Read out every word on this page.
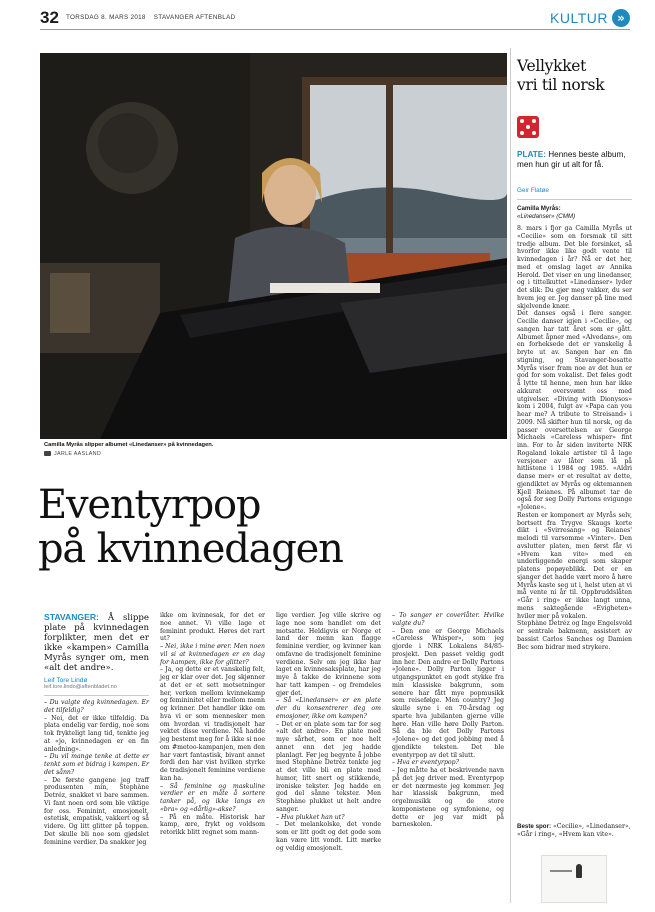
32 TORSDAG 8. MARS 2018 STAVANGER AFTENBLAD	KULTUR »
Camilla Myrås slipper albumet «Linedanser» på kvinnedagen.
JARLE AASLAND
Eventyrpop
på kvinnedagen
STAVANGER: Å slippe plate på kvinnedagen forplikter, men det er ikke «kampen» Camilla Myrås synger om, men «alt det andre».
Leif Tore Lindø
leif.tore.lindo@aftenbladet.no

– Du valgte deg kvinnedagen. Er det tilfeldig?

– Nei, det er ikke tilfeldig. Da plata endelig var ferdig, noe som tok frykteligt lang tid, tenkte jeg at «jo, kvinnedagen er en fin anledning».

– Du vil mange tenke at dette er tenkt som et bidrag i kampen. Er det sånn?

– De første gangene jeg traff produsenten min, Stephàne Detréz, snakket vi bare sammen. Vi fant noen ord som ble viktige for oss. Feminint, emosjonelt, estetisk, empatisk, vakkert og så videre. Og litt glitter på toppen. Det skulle bli noe som gjødslet feminine verdier. Da snakker jeg

ikke om kvinnesak, for det er noe annet. Vi ville lage et feminint produkt. Høres det rart ut?

– Nei, ikke i mine ører. Men noen vil si at kvinnedagen er en dag for kampen, ikke for glitter?

– Ja, og dette er et vanskelig felt, jeg er klar over det. Jeg skjønner at det er et sett motsetninger her, verken mellom kvinnekamp og femininitet eller mellom menn og kvinner. Det handler ikke om hva vi er som mennesker men om hvordan vi tradisjonelt har vektet disse verdiene. Nå hadde jeg bestemt meg for å ikke si noe om #metoo-kampanjen, men den har vært fantastisk, bivant annet fordi den har vist hvilken styrke de tradisjonelt feminine verdiene kan ha.

– Så feminine og maskuline verdier er en måte å sortere tanker på, og ikke langs en «bra» og «dårlig»-akse?

– På en måte. Historisk har kamp, ære, frykt og voldsom retorikk blitt regnet som mann-

lige verdier. Jeg ville skrive og lage noe som handlet om det motsatte. Heldigvis er Norge et land der menn kan flagge feminine verdier, og kvinner kan omfavne de tradisjonelt feminine verdiene. Selv om jeg ikke har laget en kvinnesaksplate, har jeg mye å takke de kvinnene som har tatt kampen – og fremdeles gjør det.

– Så «Linedanser» er en plate der du konsentrerer deg om emosjoner, ikke om kampen?

– Det er en plate som tar for seg «alt det andre». En plate med mye sårhet, som er noe helt annet enn det jeg hadde planlagt. Før jeg begynte å jobbe med Stephàne Detréz tenkte jeg at det ville bli en plate med humor, litt snert og stikkende, ironiske tekster. Jeg hadde en god del sånne tekster. Men Stephàne plukket ut helt andre sanger.

– Hva plukket han ut?

– Det melankolske, det vonde som er litt godt og det gode som kan være litt vondt. Litt mørke og veldig emosjonelt.

– To sanger er coverlåter. Hvilke valgte du?

– Den ene er George Michaels «Careless Whisper», som jeg gjorde i NRK Lokalens 84/85-prosjekt. Den passet veldig godt inn her. Den andre er Dolly Partons «Jolene». Dolly Parton ligger i utgangspunktet en godt stykke fra min klassiske bakgrunn, som senere har fått mye popmusikk som reisefølge. Men country? Jeg skulle syne i en 70-årsdag og sparte hva jubilanten gjerne ville høre. Han ville høre Dolly Parton. Så da ble det Dolly Partons «Jolene» og det god jobbing med å gjendikte teksten. Det ble eventyrpop av det til slutt.

– Hva er eventyrpop?

– Jeg måtte ha et beskrivende navn på det jeg driver med. Eventyrpop er det nærmeste jeg kommer. Jeg har klassisk bakgrunn, med orgelmusikk og de store komponistene og symfoniene, og dette er jeg var midt på barneskolen.

Vellykket
vri til norsk
PLATE: Hennes beste album, men hun gir ut alt for få.
Geir Flatøe
Camilla Myrås:
«Linedanser» (CMM)

8. mars i fjor ga Camilla Myrås ut «Cecilie» som en forsmak til sitt tredje album. Det ble forsinket, så hvorfor ikke like godt vente til kvinnedagen i år? Nå er det her, med et omslag laget av Annika Herold. Det viser en ung linedanser, og i tittelkuttet «Linedanser» lyder det slik: Du gjør meg vakker, du ser hvem jeg er. Jeg danser på line med skjelvende knær.

Det danses også i flere sanger. Cecilie danser igjen i «Cecilie», og sangen har tatt året som er gått. Albumet åpner med «Alvedans», om en forheksede det er vanskelig å bryte ut av. Sangen har en fin stigning, og Stavanger-bosatte Myrås viser fram noe av det hun er god for som vokalist. Det føles godt å lytte til henne, men hun har ikke akkurat oversvømt oss med utgivelser. «Diving with Dionysos» kom i 2004, fulgt av «Papa can you hear me? A tribute to Streisand» i 2009. Nå skifter hun til norsk, og da passer oversettelsen av George Michaels «Careless whisper» fint inn. For to år siden inviterte NRK Rogaland lokale artister til å lage versjoner av låter som lå på hitlistene i 1984 og 1985. «Aldri danse mer» er et resultat av dette, gjendiktet av Myrås og ektemannen Kjell Reianes. På albumet tar de også for seg Dolly Partons evigunge «Jolene».

Resten er komponert av Myrås selv, bortsett fra Trygve Skaugs korte dikt i «Svirresang» og Reianes' melodi til varsomme «Vinter». Den avslutter platen, men først får vi «Hvem kan vite» med en underliggende energi som skaper platens popøyeblikk. Det er en sjanger det hadde vært moro å høre Myrås kaste seg ut i, helst uten at vi må vente ni år til. Oppbruddslåten «Går i ring» er ikke langt unna, mens saktegående «Evigheten» hviler mer på vokalen.

Stephàne Detréz og Inge Engelsvold er sentrale bakmenn, assistert av bassist Carlos Sanches og Damien Bec som bidrar med strykere.

Beste spor: «Cecilie», «Linedanser», «Går i ring», «Hvem kan vite».
